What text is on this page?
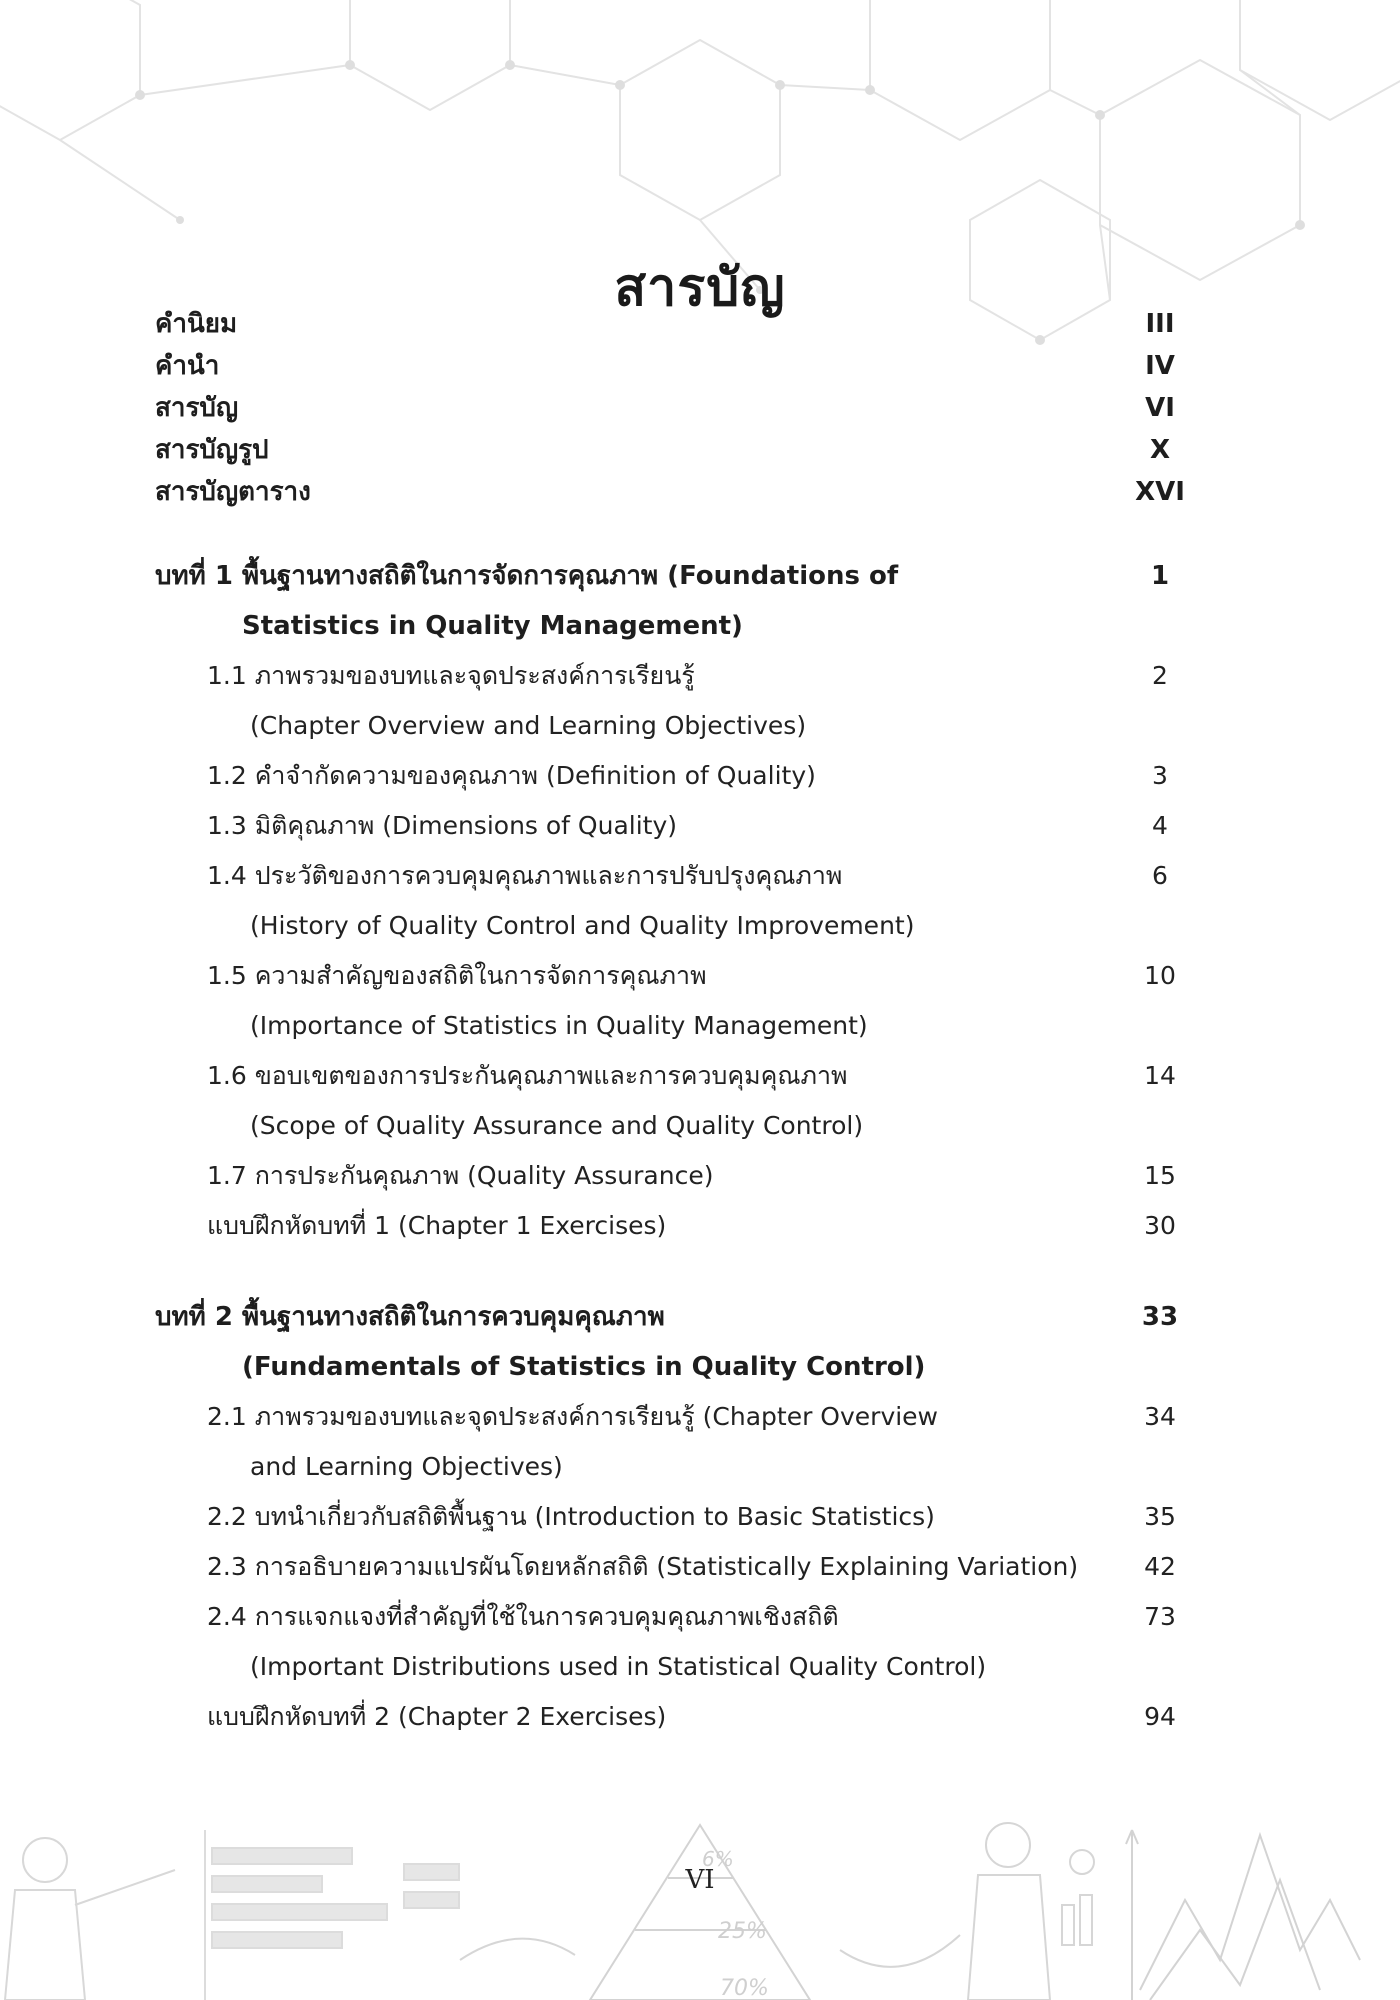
6%
25%
70%
สารบัญ
คำนิยม	III
คำนำ	IV
สารบัญ	VI
สารบัญรูป	X
สารบัญตาราง	XVI
บทที่ 1 พื้นฐานทางสถิติในการจัดการคุณภาพ (Foundations of	1
Statistics in Quality Management)
1.1 ภาพรวมของบทและจุดประสงค์การเรียนรู้	2
(Chapter Overview and Learning Objectives)
1.2 คำจำกัดความของคุณภาพ (Definition of Quality)	3
1.3 มิติคุณภาพ (Dimensions of Quality)	4
1.4 ประวัติของการควบคุมคุณภาพและการปรับปรุงคุณภาพ	6
(History of Quality Control and Quality Improvement)
1.5 ความสำคัญของสถิติในการจัดการคุณภาพ	10
(Importance of Statistics in Quality Management)
1.6 ขอบเขตของการประกันคุณภาพและการควบคุมคุณภาพ	14
(Scope of Quality Assurance and Quality Control)
1.7 การประกันคุณภาพ (Quality Assurance)	15
แบบฝึกหัดบทที่ 1 (Chapter 1 Exercises)	30
บทที่ 2 พื้นฐานทางสถิติในการควบคุมคุณภาพ	33
(Fundamentals of Statistics in Quality Control)
2.1 ภาพรวมของบทและจุดประสงค์การเรียนรู้ (Chapter Overview	34
and Learning Objectives)
2.2 บทนำเกี่ยวกับสถิติพื้นฐาน (Introduction to Basic Statistics)	35
2.3 การอธิบายความแปรผันโดยหลักสถิติ (Statistically Explaining Variation)	42
2.4 การแจกแจงที่สำคัญที่ใช้ในการควบคุมคุณภาพเชิงสถิติ	73
(Important Distributions used in Statistical Quality Control)
แบบฝึกหัดบทที่ 2 (Chapter 2 Exercises)	94
VI
